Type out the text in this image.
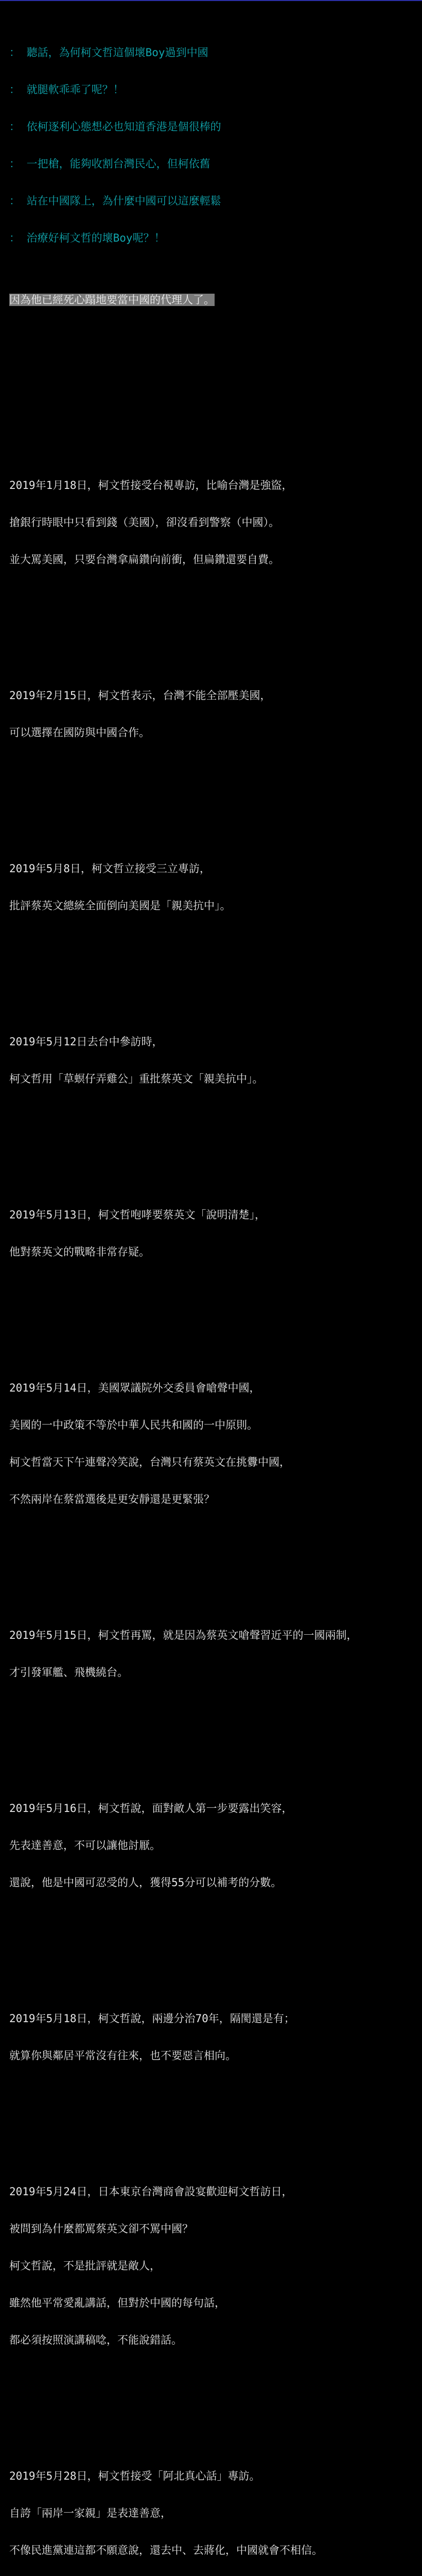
： 聽話，為何柯文哲這個壞Boy過到中國

： 就腿軟乖乖了呢？！

： 依柯逐利心態想必也知道香港是個很棒的

： 一把槍，能夠收割台灣民心，但柯依舊

： 站在中國隊上，為什麼中國可以這麼輕鬆

： 治療好柯文哲的壞Boy呢？！

因為他已經死心蹋地要當中國的代理人了。

2019年1月18日，柯文哲接受台視專訪，比喻台灣是強盜，

搶銀行時眼中只看到錢（美國），卻沒看到警察（中國）。

並大罵美國，只要台灣拿扁鑽向前衝，但扁鑽還要自費。

2019年2月15日，柯文哲表示，台灣不能全部壓美國，

可以選擇在國防與中國合作。

2019年5月8日，柯文哲立接受三立專訪，

批評蔡英文總統全面倒向美國是「親美抗中」。

2019年5月12日去台中參訪時，

柯文哲用「草螟仔弄雞公」重批蔡英文「親美抗中」。

2019年5月13日，柯文哲咆哮要蔡英文「說明清楚」，

他對蔡英文的戰略非常存疑。

2019年5月14日，美國眾議院外交委員會嗆聲中國，

美國的一中政策不等於中華人民共和國的一中原則。

柯文哲當天下午連聲冷笑說，台灣只有蔡英文在挑釁中國，

不然兩岸在蔡當選後是更安靜還是更緊張？

2019年5月15日，柯文哲再罵，就是因為蔡英文嗆聲習近平的一國兩制，

才引發軍艦、飛機繞台。

2019年5月16日，柯文哲說，面對敵人第一步要露出笑容，

先表達善意，不可以讓他討厭。

還說，他是中國可忍受的人，獲得55分可以補考的分數。

2019年5月18日，柯文哲說，兩邊分治70年，隔閡還是有；

就算你與鄰居平常沒有往來，也不要惡言相向。

2019年5月24日，日本東京台灣商會設宴歡迎柯文哲訪日，

被問到為什麼都罵蔡英文卻不罵中國？

柯文哲說，不是批評就是敵人，

雖然他平常愛亂講話，但對於中國的每句話，

都必須按照演講稿唸，不能說錯話。

2019年5月28日，柯文哲接受「阿北真心話」專訪。

自誇「兩岸一家親」是表達善意，

不像民進黨連這都不願意說，還去中、去蔣化，中國就會不相信。
